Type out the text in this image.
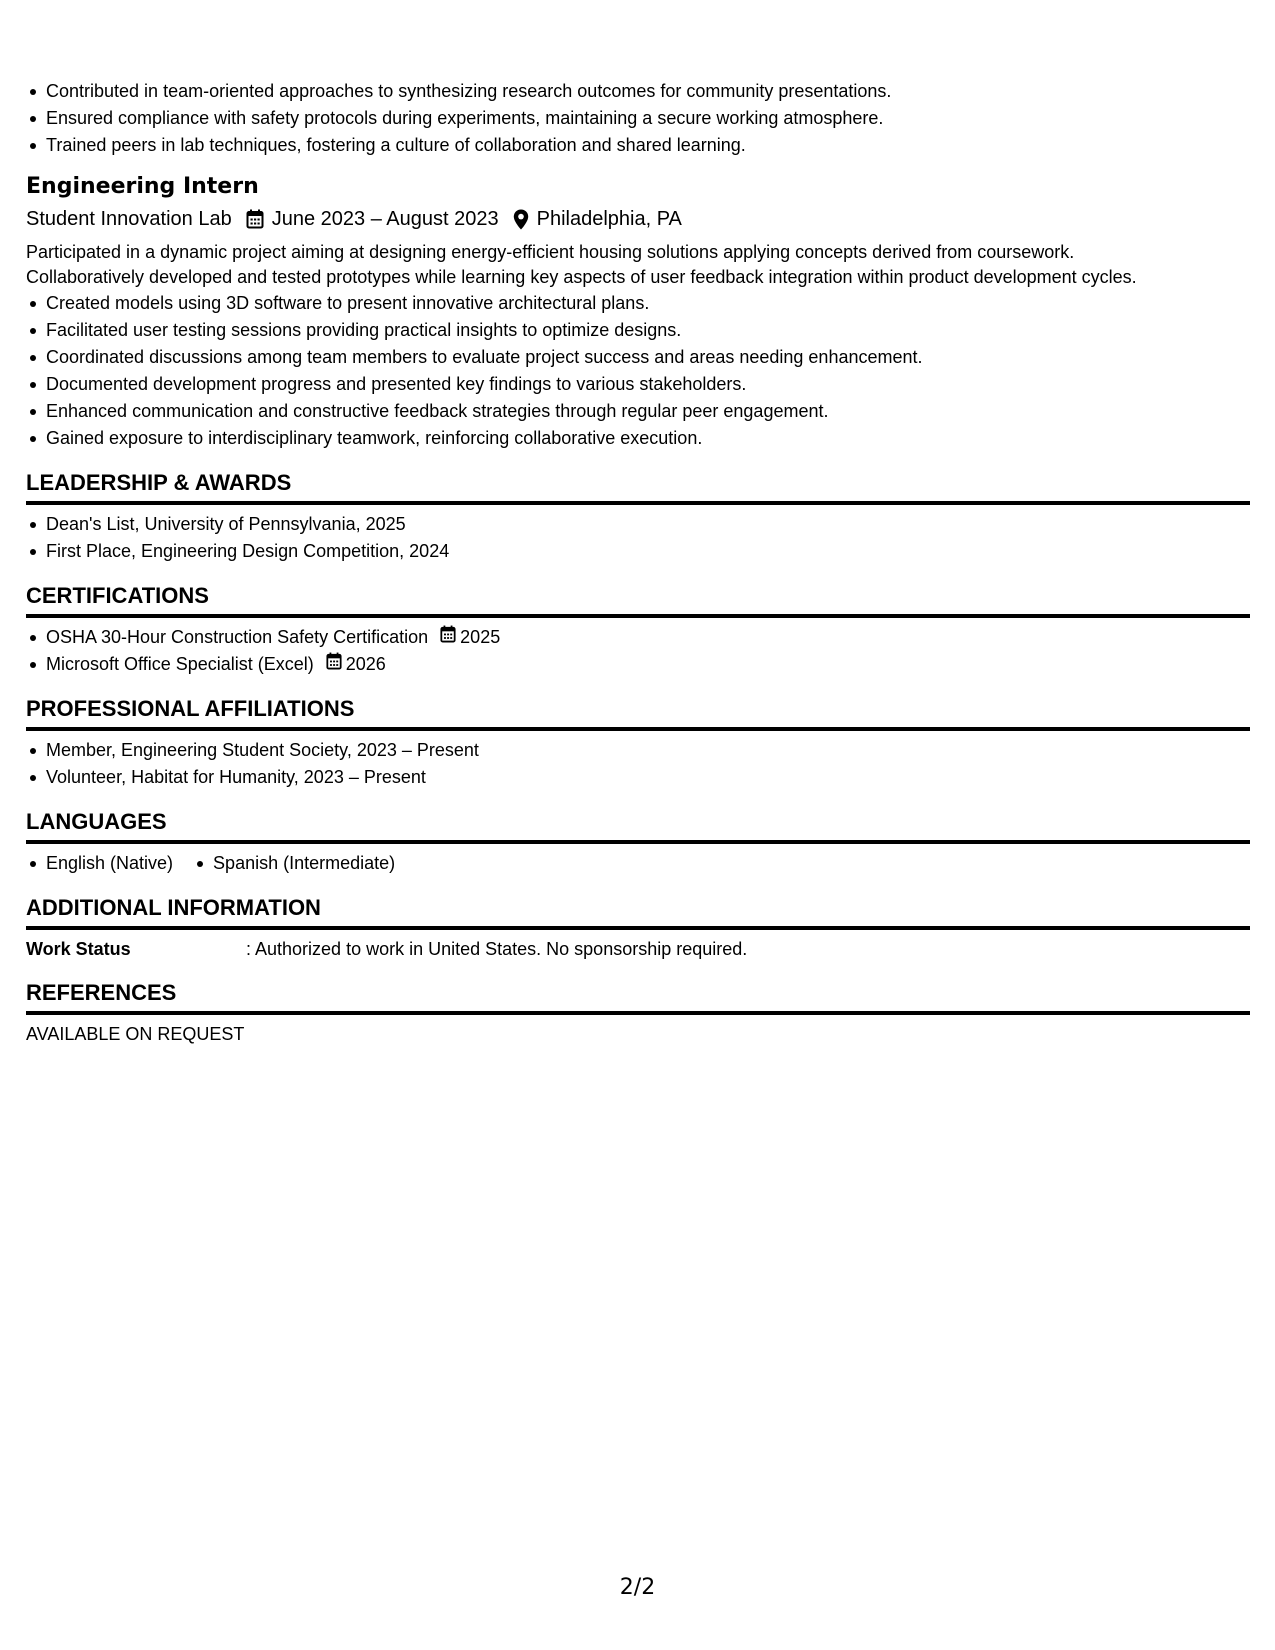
Contributed in team-oriented approaches to synthesizing research outcomes for community presentations.
Ensured compliance with safety protocols during experiments, maintaining a secure working atmosphere.
Trained peers in lab techniques, fostering a culture of collaboration and shared learning.
Engineering Intern
Student Innovation Lab June 2023 – August 2023 Philadelphia, PA
Participated in a dynamic project aiming at designing energy-efficient housing solutions applying concepts derived from coursework.
Collaboratively developed and tested prototypes while learning key aspects of user feedback integration within product development cycles.
Created models using 3D software to present innovative architectural plans.
Facilitated user testing sessions providing practical insights to optimize designs.
Coordinated discussions among team members to evaluate project success and areas needing enhancement.
Documented development progress and presented key findings to various stakeholders.
Enhanced communication and constructive feedback strategies through regular peer engagement.
Gained exposure to interdisciplinary teamwork, reinforcing collaborative execution.
LEADERSHIP & AWARDS
Dean's List, University of Pennsylvania, 2025
First Place, Engineering Design Competition, 2024
CERTIFICATIONS
OSHA 30-Hour Construction Safety Certification 2025
Microsoft Office Specialist (Excel) 2026
PROFESSIONAL AFFILIATIONS
Member, Engineering Student Society, 2023 – Present
Volunteer, Habitat for Humanity, 2023 – Present
LANGUAGES
English (Native) Spanish (Intermediate)
ADDITIONAL INFORMATION
Work Status	: Authorized to work in United States. No sponsorship required.
REFERENCES
AVAILABLE ON REQUEST
2/2
